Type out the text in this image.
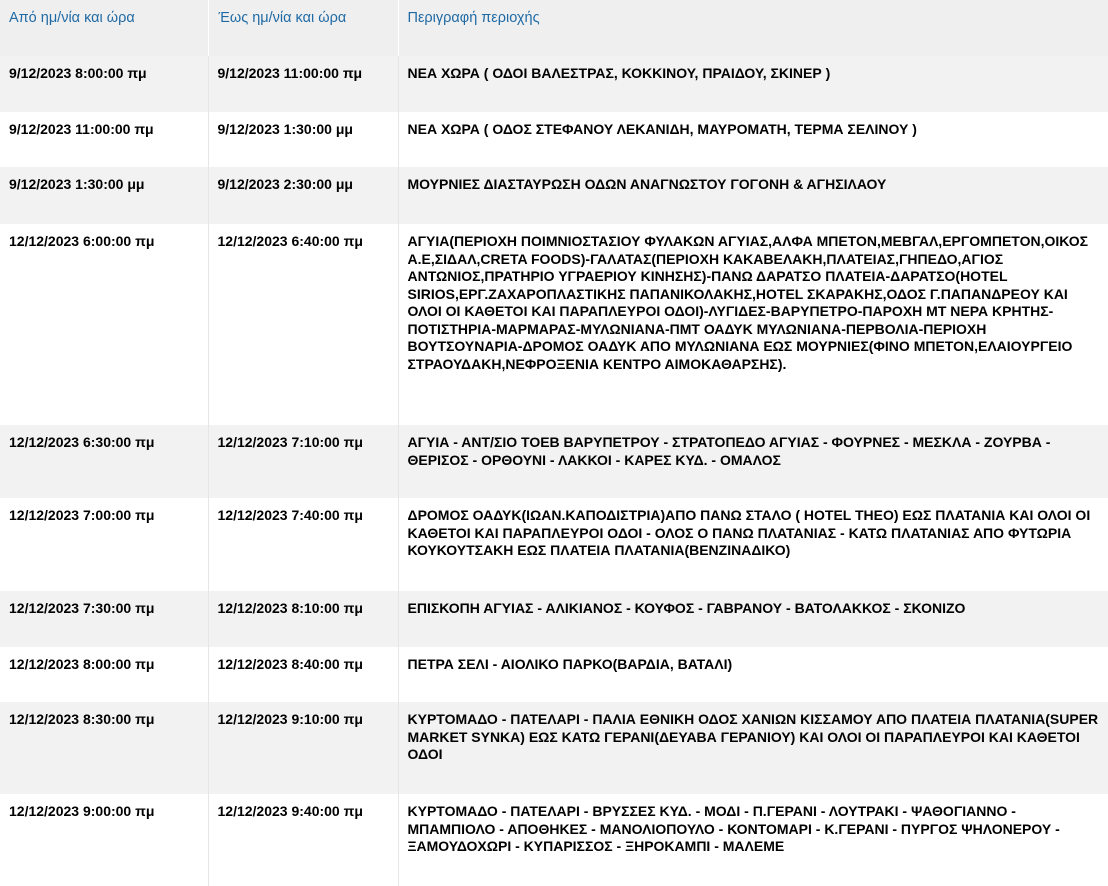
Από ημ/νία και ώρα	Έως ημ/νία και ώρα	Περιγραφή περιοχής
9/12/2023 8:00:00 πμ	9/12/2023 11:00:00 πμ	ΝΕΑ ΧΩΡΑ ( ΟΔΟΙ ΒΑΛΕΣΤΡΑΣ, ΚΟΚΚΙΝΟΥ, ΠΡΑΙΔΟΥ, ΣΚΙΝΕΡ )
9/12/2023 11:00:00 πμ	9/12/2023 1:30:00 μμ	ΝΕΑ ΧΩΡΑ ( ΟΔΟΣ ΣΤΕΦΑΝΟΥ ΛΕΚΑΝΙΔΗ, ΜΑΥΡΟΜΑΤΗ, ΤΕΡΜΑ ΣΕΛΙΝΟΥ )
9/12/2023 1:30:00 μμ	9/12/2023 2:30:00 μμ	ΜΟΥΡΝΙΕΣ ΔΙΑΣΤΑΥΡΩΣΗ ΟΔΩΝ ΑΝΑΓΝΩΣΤΟΥ ΓΟΓΟΝΗ & ΑΓΗΣΙΛΑΟΥ
12/12/2023 6:00:00 πμ	12/12/2023 6:40:00 πμ	ΑΓΥΙΑ(ΠΕΡΙΟΧΗ ΠΟΙΜΝΙΟΣΤΑΣΙΟΥ ΦΥΛΑΚΩΝ ΑΓΥΙΑΣ,ΑΛΦΑ ΜΠΕΤΟΝ,ΜΕΒΓΑΛ,ΕΡΓΟΜΠΕΤΟΝ,ΟΙΚΟΣ Α.Ε,ΣΙΔΑΛ,CRETA FOODS)-ΓΑΛΑΤΑΣ(ΠΕΡΙΟΧΗ ΚΑΚΑΒΕΛΑΚΗ,ΠΛΑΤΕΙΑΣ,ΓΗΠΕΔΟ,ΑΓΙΟΣ ΑΝΤΩΝΙΟΣ,ΠΡΑΤΗΡΙΟ ΥΓΡΑΕΡΙΟΥ ΚΙΝΗΣΗΣ)-ΠΑΝΩ ΔΑΡΑΤΣΟ ΠΛΑΤΕΙΑ-ΔΑΡΑΤΣΟ(HOTEL SIRIOS,ΕΡΓ.ΖΑΧΑΡΟΠΛΑΣΤΙΚΗΣ ΠΑΠΑΝΙΚΟΛΑΚΗΣ,HOTEL ΣΚΑΡΑΚΗΣ,ΟΔΟΣ Γ.ΠΑΠΑΝΔΡΕΟΥ ΚΑΙ ΟΛΟΙ ΟΙ ΚΑΘΕΤΟΙ ΚΑΙ ΠΑΡΑΠΛΕΥΡΟΙ ΟΔΟΙ)-ΛΥΓΙΔΕΣ-ΒΑΡΥΠΕΤΡΟ-ΠΑΡΟΧΗ ΜΤ ΝΕΡΑ ΚΡΗΤΗΣ-ΠΟΤΙΣΤΗΡΙΑ-ΜΑΡΜΑΡΑΣ-ΜΥΛΩΝΙΑΝΑ-ΠΜΤ ΟΑΔΥΚ ΜΥΛΩΝΙΑΝΑ-ΠΕΡΒΟΛΙΑ-ΠΕΡΙΟΧΗ ΒΟΥΤΣΟΥΝΑΡΙΑ-ΔΡΟΜΟΣ ΟΑΔΥΚ ΑΠΟ ΜΥΛΩΝΙΑΝΑ ΕΩΣ ΜΟΥΡΝΙΕΣ(ΦΙΝΟ ΜΠΕΤΟΝ,ΕΛΑΙΟΥΡΓΕΙΟ ΣΤΡΑΟΥΔΑΚΗ,ΝΕΦΡΟΞΕΝΙΑ ΚΕΝΤΡΟ ΑΙΜΟΚΑΘΑΡΣΗΣ).
12/12/2023 6:30:00 πμ	12/12/2023 7:10:00 πμ	ΑΓΥΙΑ - ΑΝΤ/ΣΙΟ ΤΟΕΒ ΒΑΡΥΠΕΤΡΟΥ - ΣΤΡΑΤΟΠΕΔΟ ΑΓΥΙΑΣ - ΦΟΥΡΝΕΣ - ΜΕΣΚΛΑ - ΖΟΥΡΒΑ - ΘΕΡΙΣΟΣ - ΟΡΘΟΥΝΙ - ΛΑΚΚΟΙ - ΚΑΡΕΣ ΚΥΔ. - ΟΜΑΛΟΣ
12/12/2023 7:00:00 πμ	12/12/2023 7:40:00 πμ	ΔΡΟΜΟΣ ΟΑΔΥΚ(ΙΩΑΝ.ΚΑΠΟΔΙΣΤΡΙΑ)ΑΠΟ ΠΑΝΩ ΣΤΑΛΟ ( HOTEL THEO) ΕΩΣ ΠΛΑΤΑΝΙΑ ΚΑΙ ΟΛΟΙ ΟΙ ΚΑΘΕΤΟΙ ΚΑΙ ΠΑΡΑΠΛΕΥΡΟΙ ΟΔΟΙ - ΟΛΟΣ Ο ΠΑΝΩ ΠΛΑΤΑΝΙΑΣ - ΚΑΤΩ ΠΛΑΤΑΝΙΑΣ ΑΠΟ ΦΥΤΩΡΙΑ ΚΟΥΚΟΥΤΣΑΚΗ ΕΩΣ ΠΛΑΤΕΙΑ ΠΛΑΤΑΝΙΑ(ΒΕΝΖΙΝΑΔΙΚΟ)
12/12/2023 7:30:00 πμ	12/12/2023 8:10:00 πμ	ΕΠΙΣΚΟΠΗ ΑΓΥΙΑΣ - ΑΛΙΚΙΑΝΟΣ - ΚΟΥΦΟΣ - ΓΑΒΡΑΝΟΥ - ΒΑΤΟΛΑΚΚΟΣ - ΣΚΟΝΙΖΟ
12/12/2023 8:00:00 πμ	12/12/2023 8:40:00 πμ	ΠΕΤΡΑ ΣΕΛΙ - ΑΙΟΛΙΚΟ ΠΑΡΚΟ(ΒΑΡΔΙΑ, ΒΑΤΑΛΙ)
12/12/2023 8:30:00 πμ	12/12/2023 9:10:00 πμ	ΚΥΡΤΟΜΑΔΟ - ΠΑΤΕΛΑΡΙ - ΠΑΛΙΑ ΕΘΝΙΚΗ ΟΔΟΣ ΧΑΝΙΩΝ ΚΙΣΣΑΜΟΥ ΑΠΟ ΠΛΑΤΕΙΑ ΠΛΑΤΑΝΙΑ(SUPER MARKET SYNKA) ΕΩΣ ΚΑΤΩ ΓΕΡΑΝΙ(ΔΕΥΑΒΑ ΓΕΡΑΝΙΟΥ) ΚΑΙ ΟΛΟΙ ΟΙ ΠΑΡΑΠΛΕΥΡΟΙ ΚΑΙ ΚΑΘΕΤΟΙ ΟΔΟΙ
12/12/2023 9:00:00 πμ	12/12/2023 9:40:00 πμ	ΚΥΡΤΟΜΑΔΟ - ΠΑΤΕΛΑΡΙ - ΒΡΥΣΣΕΣ ΚΥΔ. - ΜΟΔΙ - Π.ΓΕΡΑΝΙ - ΛΟΥΤΡΑΚΙ - ΨΑΘΟΓΙΑΝΝΟ - ΜΠΑΜΠΙΟΛΟ - ΑΠΟΘΗΚΕΣ - ΜΑΝΟΛΙΟΠΟΥΛΟ - ΚΟΝΤΟΜΑΡΙ - Κ.ΓΕΡΑΝΙ - ΠΥΡΓΟΣ ΨΗΛΟΝΕΡΟΥ - ΞΑΜΟΥΔΟΧΩΡΙ - ΚΥΠΑΡΙΣΣΟΣ - ΞΗΡΟΚΑΜΠΙ - ΜΑΛΕΜΕ
